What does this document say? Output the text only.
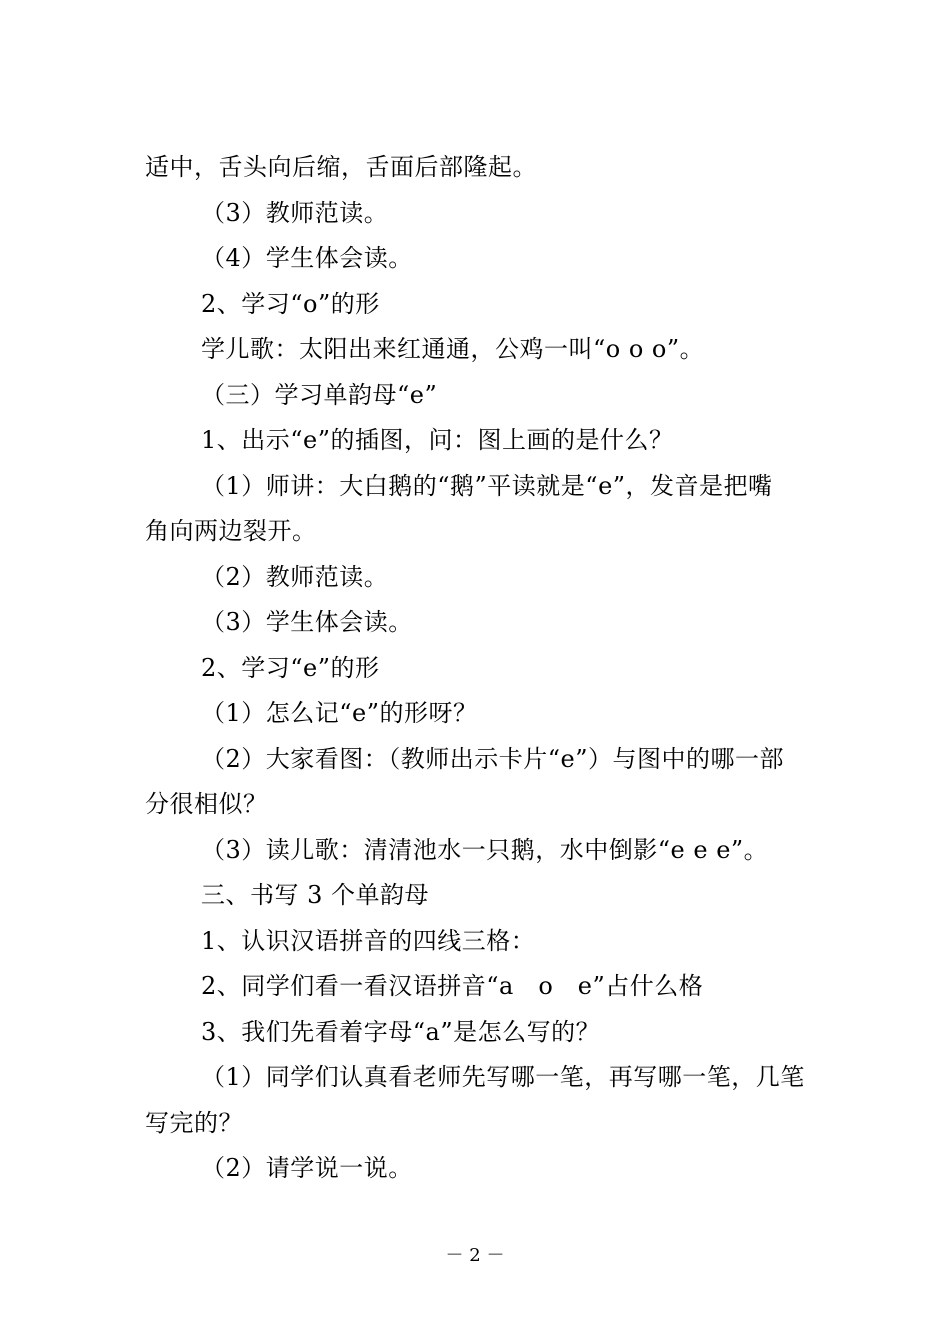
适中，舌头向后缩，舌面后部隆起。
（3）教师范读。
（4）学生体会读。
2、学习“o”的形
学儿歌：太阳出来红通通，公鸡一叫“o o o”。
（三）学习单韵母“e”
1、出示“e”的插图，问：图上画的是什么？
（1）师讲：大白鹅的“鹅”平读就是“e”，发音是把嘴
角向两边裂开。
（2）教师范读。
（3）学生体会读。
2、学习“e”的形
（1）怎么记“e”的形呀？
（2）大家看图：（教师出示卡片“e”）与图中的哪一部
分很相似？
（3）读儿歌：清清池水一只鹅，水中倒影“e e e”。
三、书写 3 个单韵母
1、认识汉语拼音的四线三格：
2、同学们看一看汉语拼音“a　o　e”占什么格
3、我们先看着字母“a”是怎么写的？
（1）同学们认真看老师先写哪一笔，再写哪一笔，几笔
写完的？
（2）请学说一说。
－ 2 －
